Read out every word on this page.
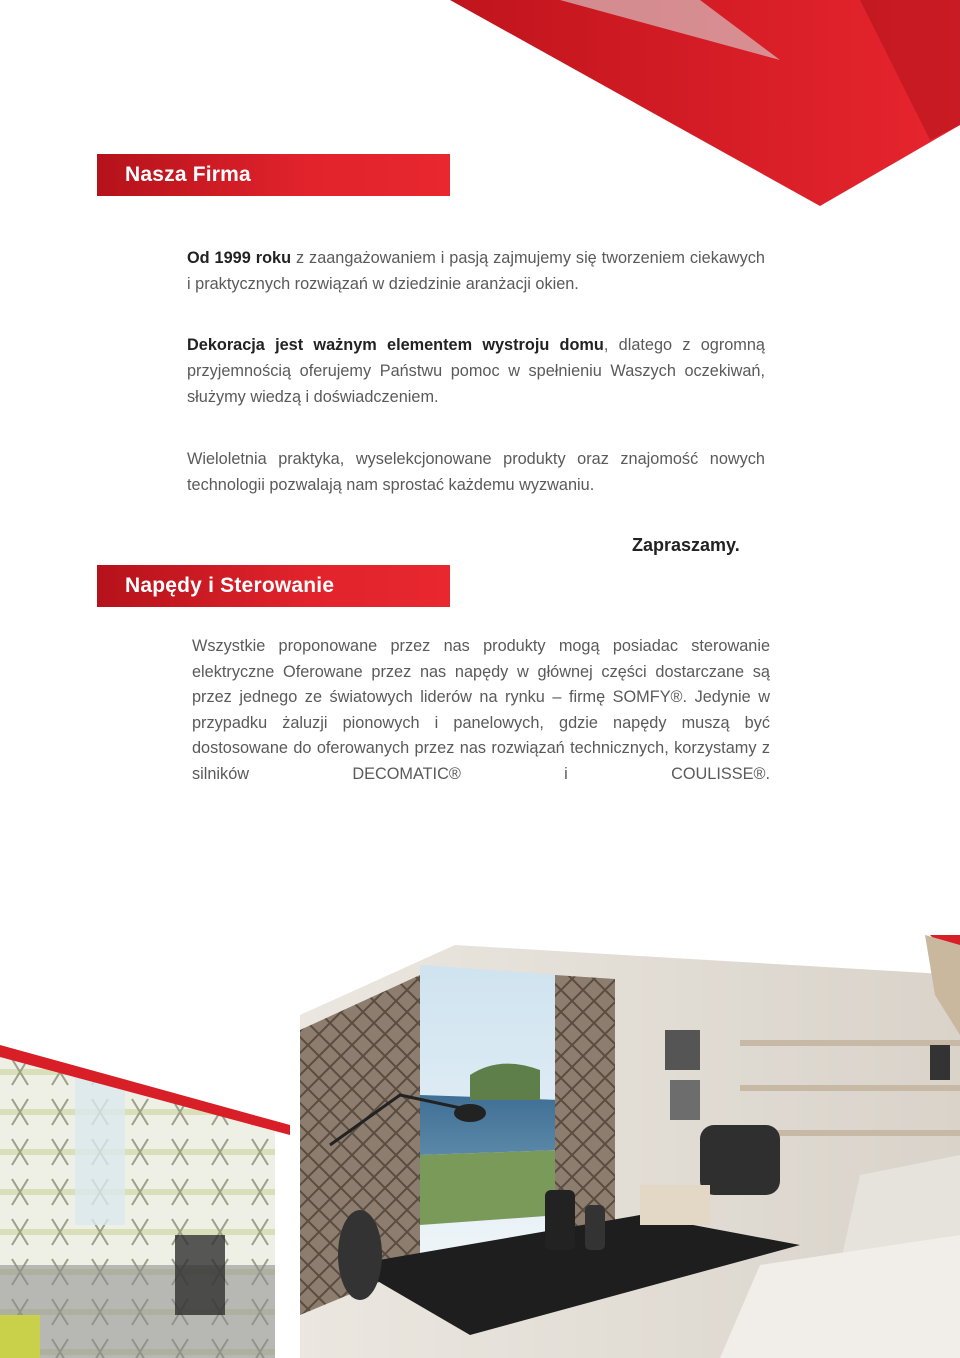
Nasza Firma
Od 1999 roku z zaangażowaniem i pasją zajmujemy się tworzeniem ciekawych i praktycznych rozwiązań w dziedzinie aranżacji okien.
Dekoracja jest ważnym elementem wystroju domu, dlatego z ogromną przyjemnością oferujemy Państwu pomoc w spełnieniu Waszych oczekiwań, służymy wiedzą i doświadczeniem.
Wieloletnia praktyka, wyselekcjonowane produkty oraz znajomość nowych technologii pozwalają nam sprostać każdemu wyzwaniu.
Zapraszamy.
Napędy i Sterowanie
Wszystkie proponowane przez nas produkty mogą posiadac sterowanie elektryczne Oferowane przez nas napędy w głównej części dostarczane są przez jednego ze światowych liderów na rynku – firmę SOMFY®. Jedynie w przypadku żaluzji pionowych i panelowych, gdzie napędy muszą być dostosowane do oferowanych przez nas rozwiązań technicznych, korzystamy z silników DECOMATIC® i COULISSE®.
